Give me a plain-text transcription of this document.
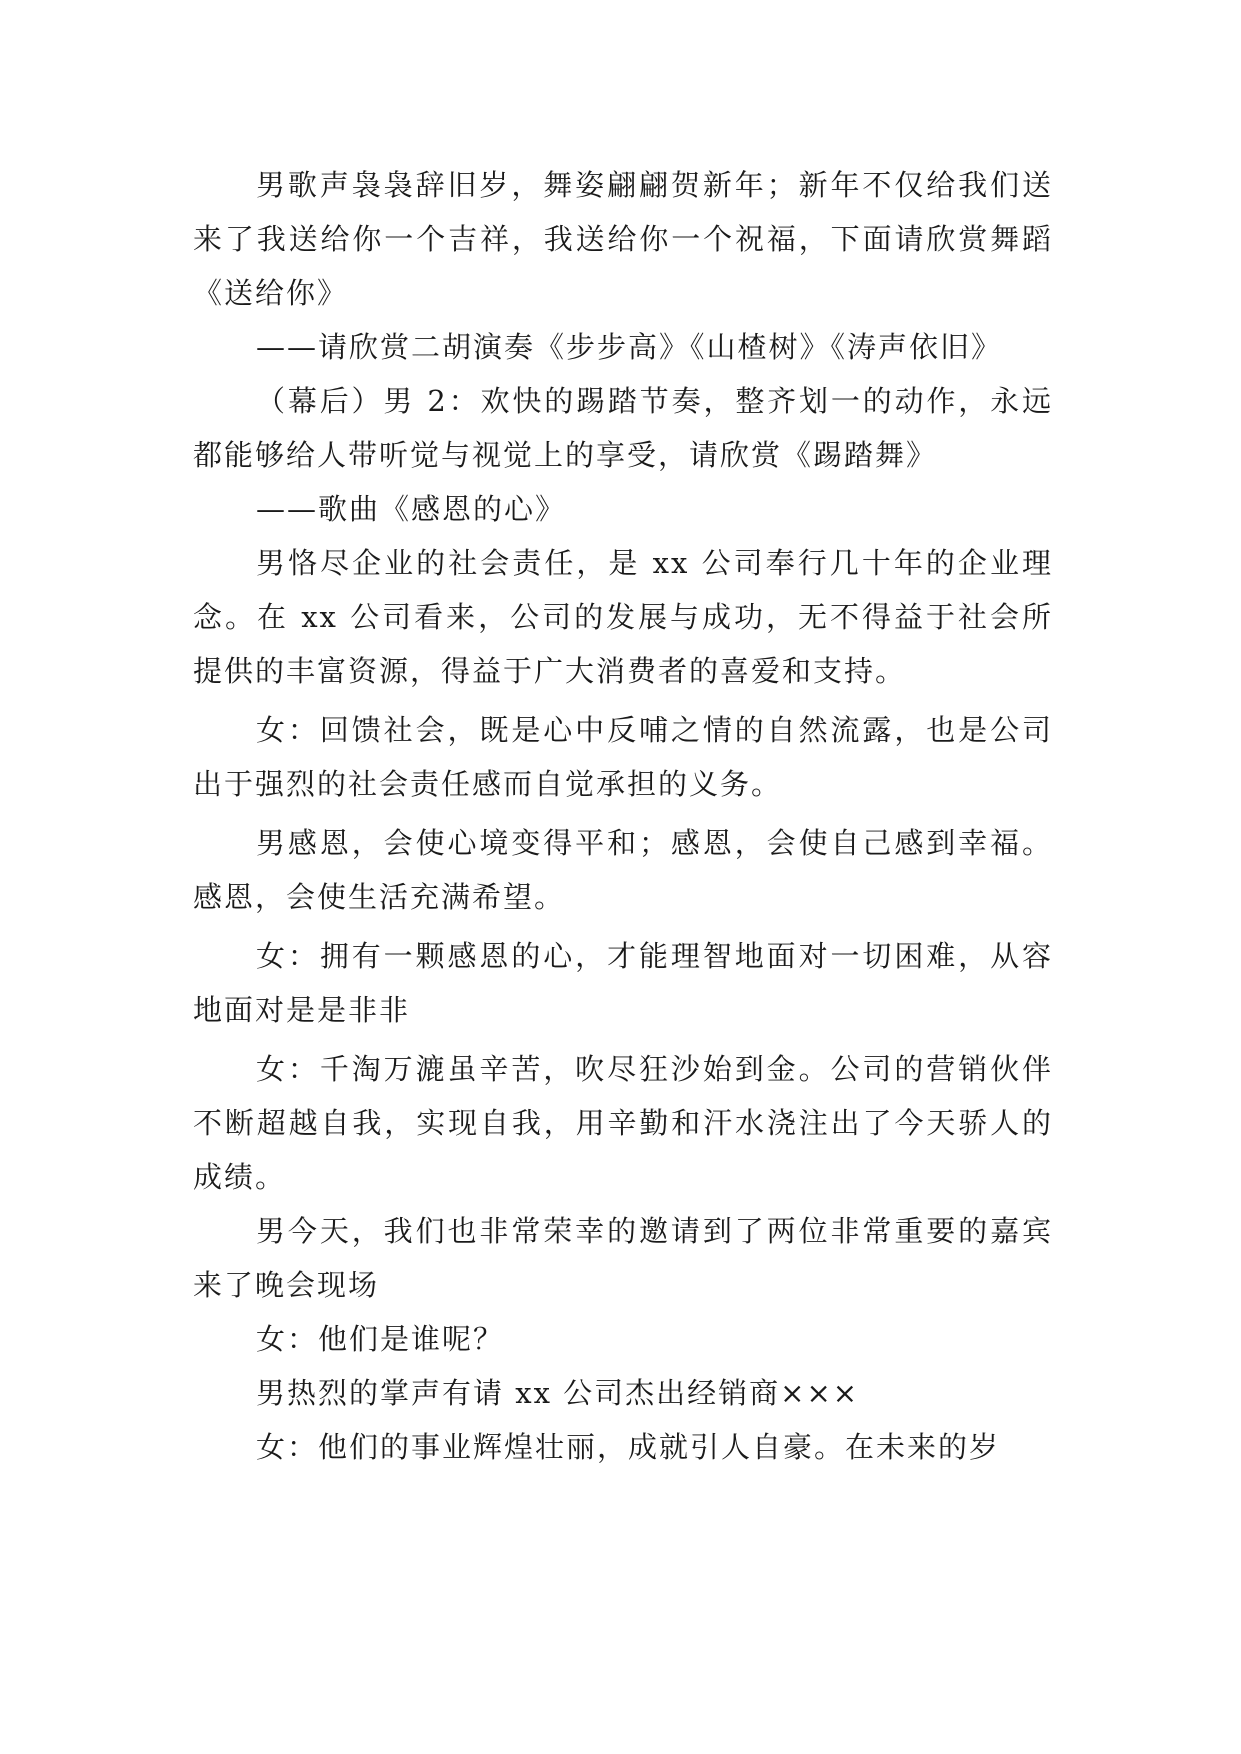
男歌声袅袅辞旧岁，舞姿翩翩贺新年；新年不仅给我们送来了我送给你一个吉祥，我送给你一个祝福，下面请欣赏舞蹈《送给你》

——请欣赏二胡演奏《步步高》《山楂树》《涛声依旧》

（幕后）男 2：欢快的踢踏节奏，整齐划一的动作，永远都能够给人带听觉与视觉上的享受，请欣赏《踢踏舞》

——歌曲《感恩的心》

男恪尽企业的社会责任，是 xx 公司奉行几十年的企业理念。在 xx 公司看来，公司的发展与成功，无不得益于社会所提供的丰富资源，得益于广大消费者的喜爱和支持。

女：回馈社会，既是心中反哺之情的自然流露，也是公司出于强烈的社会责任感而自觉承担的义务。

男感恩，会使心境变得平和；感恩，会使自己感到幸福。感恩，会使生活充满希望。

女：拥有一颗感恩的心，才能理智地面对一切困难，从容地面对是是非非

女：千淘万漉虽辛苦，吹尽狂沙始到金。公司的营销伙伴不断超越自我，实现自我，用辛勤和汗水浇注出了今天骄人的成绩。

男今天，我们也非常荣幸的邀请到了两位非常重要的嘉宾来了晚会现场

女：他们是谁呢？

男热烈的掌声有请 xx 公司杰出经销商×××

女：他们的事业辉煌壮丽，成就引人自豪。在未来的岁
